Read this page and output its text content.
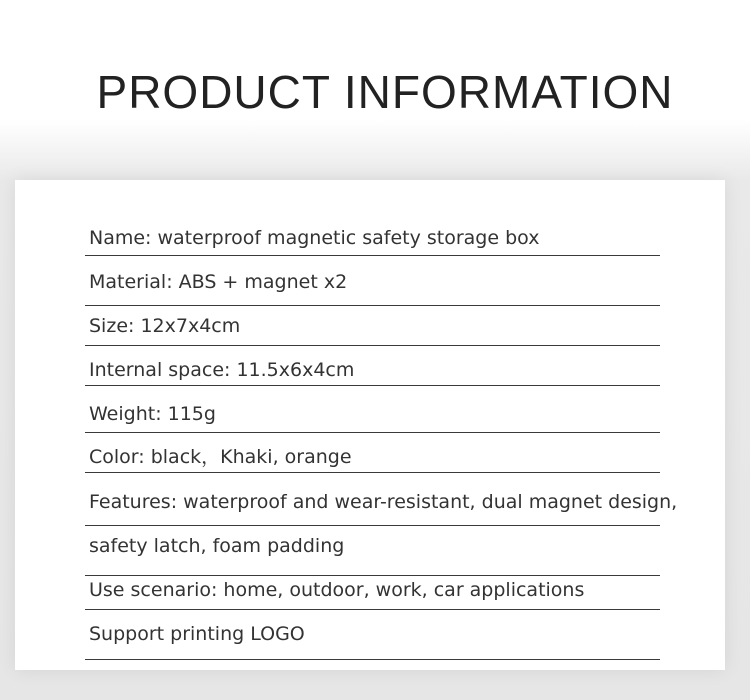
PRODUCT INFORMATION
Name: waterproof magnetic safety storage box
Material: ABS + magnet x2
Size: 12x7x4cm
Internal space: 11.5x6x4cm
Weight: 115g
Color: black，Khaki, orange
Features: waterproof and wear-resistant, dual magnet design,
safety latch, foam padding
Use scenario: home, outdoor, work, car applications
Support printing LOGO
